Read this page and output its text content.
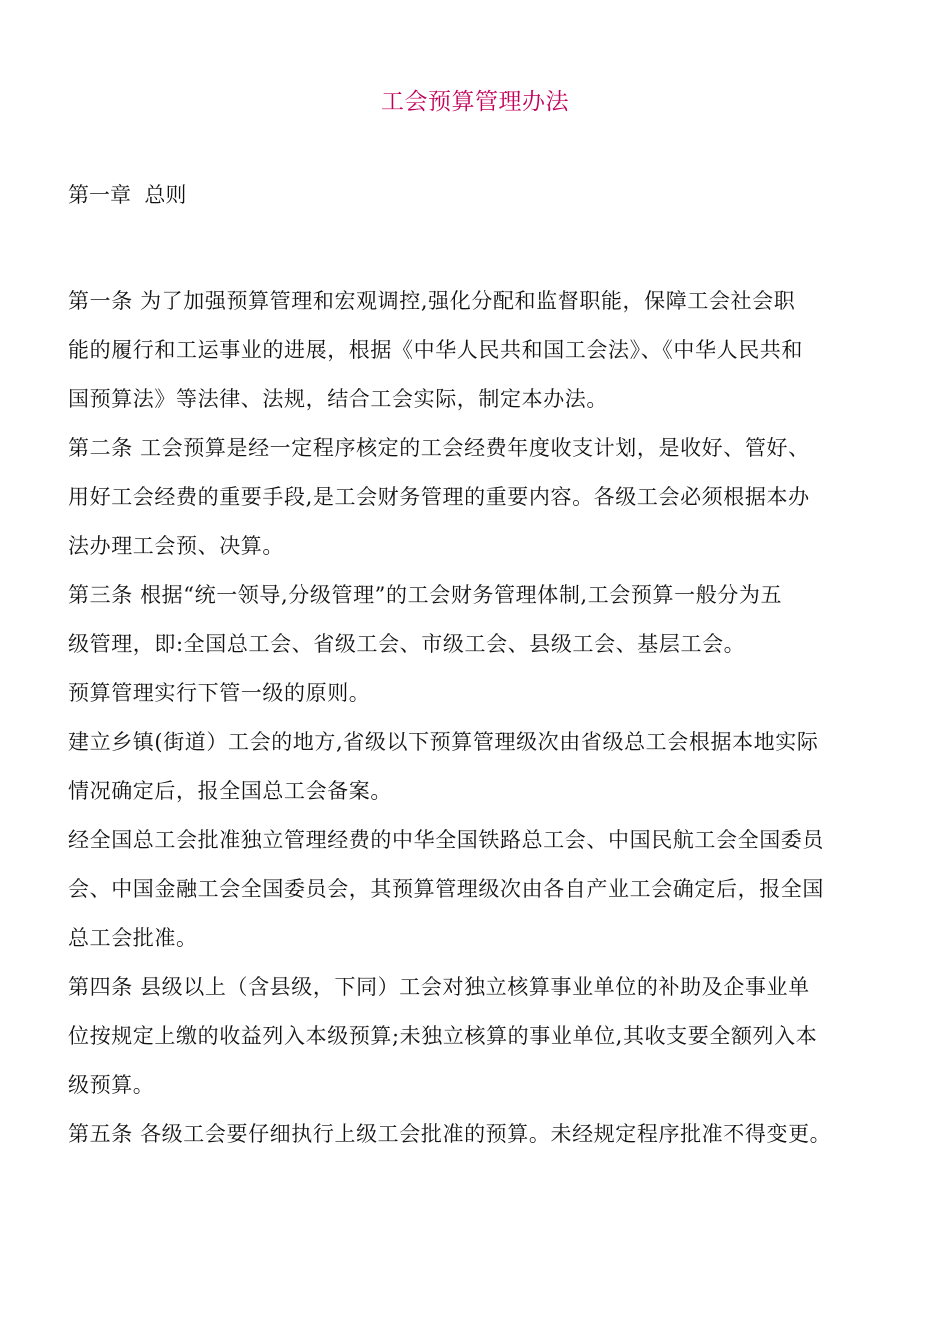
工会预算管理办法
第一章  总则
第一条 为了加强预算管理和宏观调控,强化分配和监督职能，保障工会社会职
能的履行和工运事业的进展，根据《中华人民共和国工会法》、《中华人民共和
国预算法》等法律、法规，结合工会实际，制定本办法。
第二条 工会预算是经一定程序核定的工会经费年度收支计划，是收好、管好、
用好工会经费的重要手段,是工会财务管理的重要内容。各级工会必须根据本办
法办理工会预、决算。
第三条 根据“统一领导,分级管理”的工会财务管理体制,工会预算一般分为五
级管理，即:全国总工会、省级工会、市级工会、县级工会、基层工会。
预算管理实行下管一级的原则。
建立乡镇(街道）工会的地方,省级以下预算管理级次由省级总工会根据本地实际
情况确定后，报全国总工会备案。
经全国总工会批准独立管理经费的中华全国铁路总工会、中国民航工会全国委员
会、中国金融工会全国委员会，其预算管理级次由各自产业工会确定后，报全国
总工会批准。
第四条 县级以上（含县级，下同）工会对独立核算事业单位的补助及企事业单
位按规定上缴的收益列入本级预算;未独立核算的事业单位,其收支要全额列入本
级预算。
第五条 各级工会要仔细执行上级工会批准的预算。未经规定程序批准不得变更。
